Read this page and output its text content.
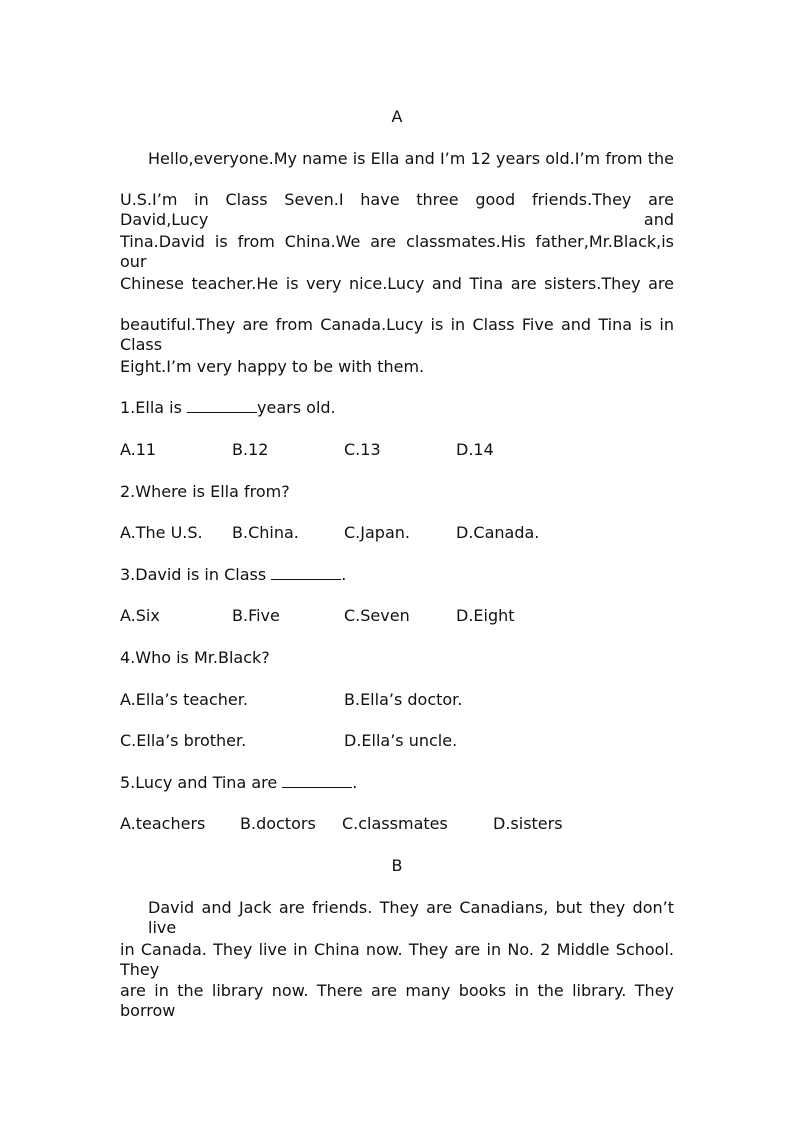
A
Hello,everyone.My name is Ella and I’m 12 years old.I’m from the
U.S.I’m in Class Seven.I have three good friends.They are David,Lucy and
Tina.David is from China.We are classmates.His father,Mr.Black,is our
Chinese teacher.He is very nice.Lucy and Tina are sisters.They are
beautiful.They are from Canada.Lucy is in Class Five and Tina is in Class
Eight.I’m very happy to be with them.
1.Ella is	years old.
A.11	B.12	C.13	D.14
2.Where is Ella from?
A.The U.S. B.China.	C.Japan.	D.Canada.
3.David is in Class	.
A.Six	B.Five	C.Seven	D.Eight
4.Who is Mr.Black?
A.Ella’s teacher.	B.Ella’s doctor.
C.Ella’s brother.	D.Ella’s uncle.
5.Lucy and Tina are	.
A.teachers B.doctors C.classmates	D.sisters
B
David and Jack are friends. They are Canadians, but they don’t live
in Canada. They live in China now. They are in No. 2 Middle School. They
are in the library now. There are many books in the library. They borrow
